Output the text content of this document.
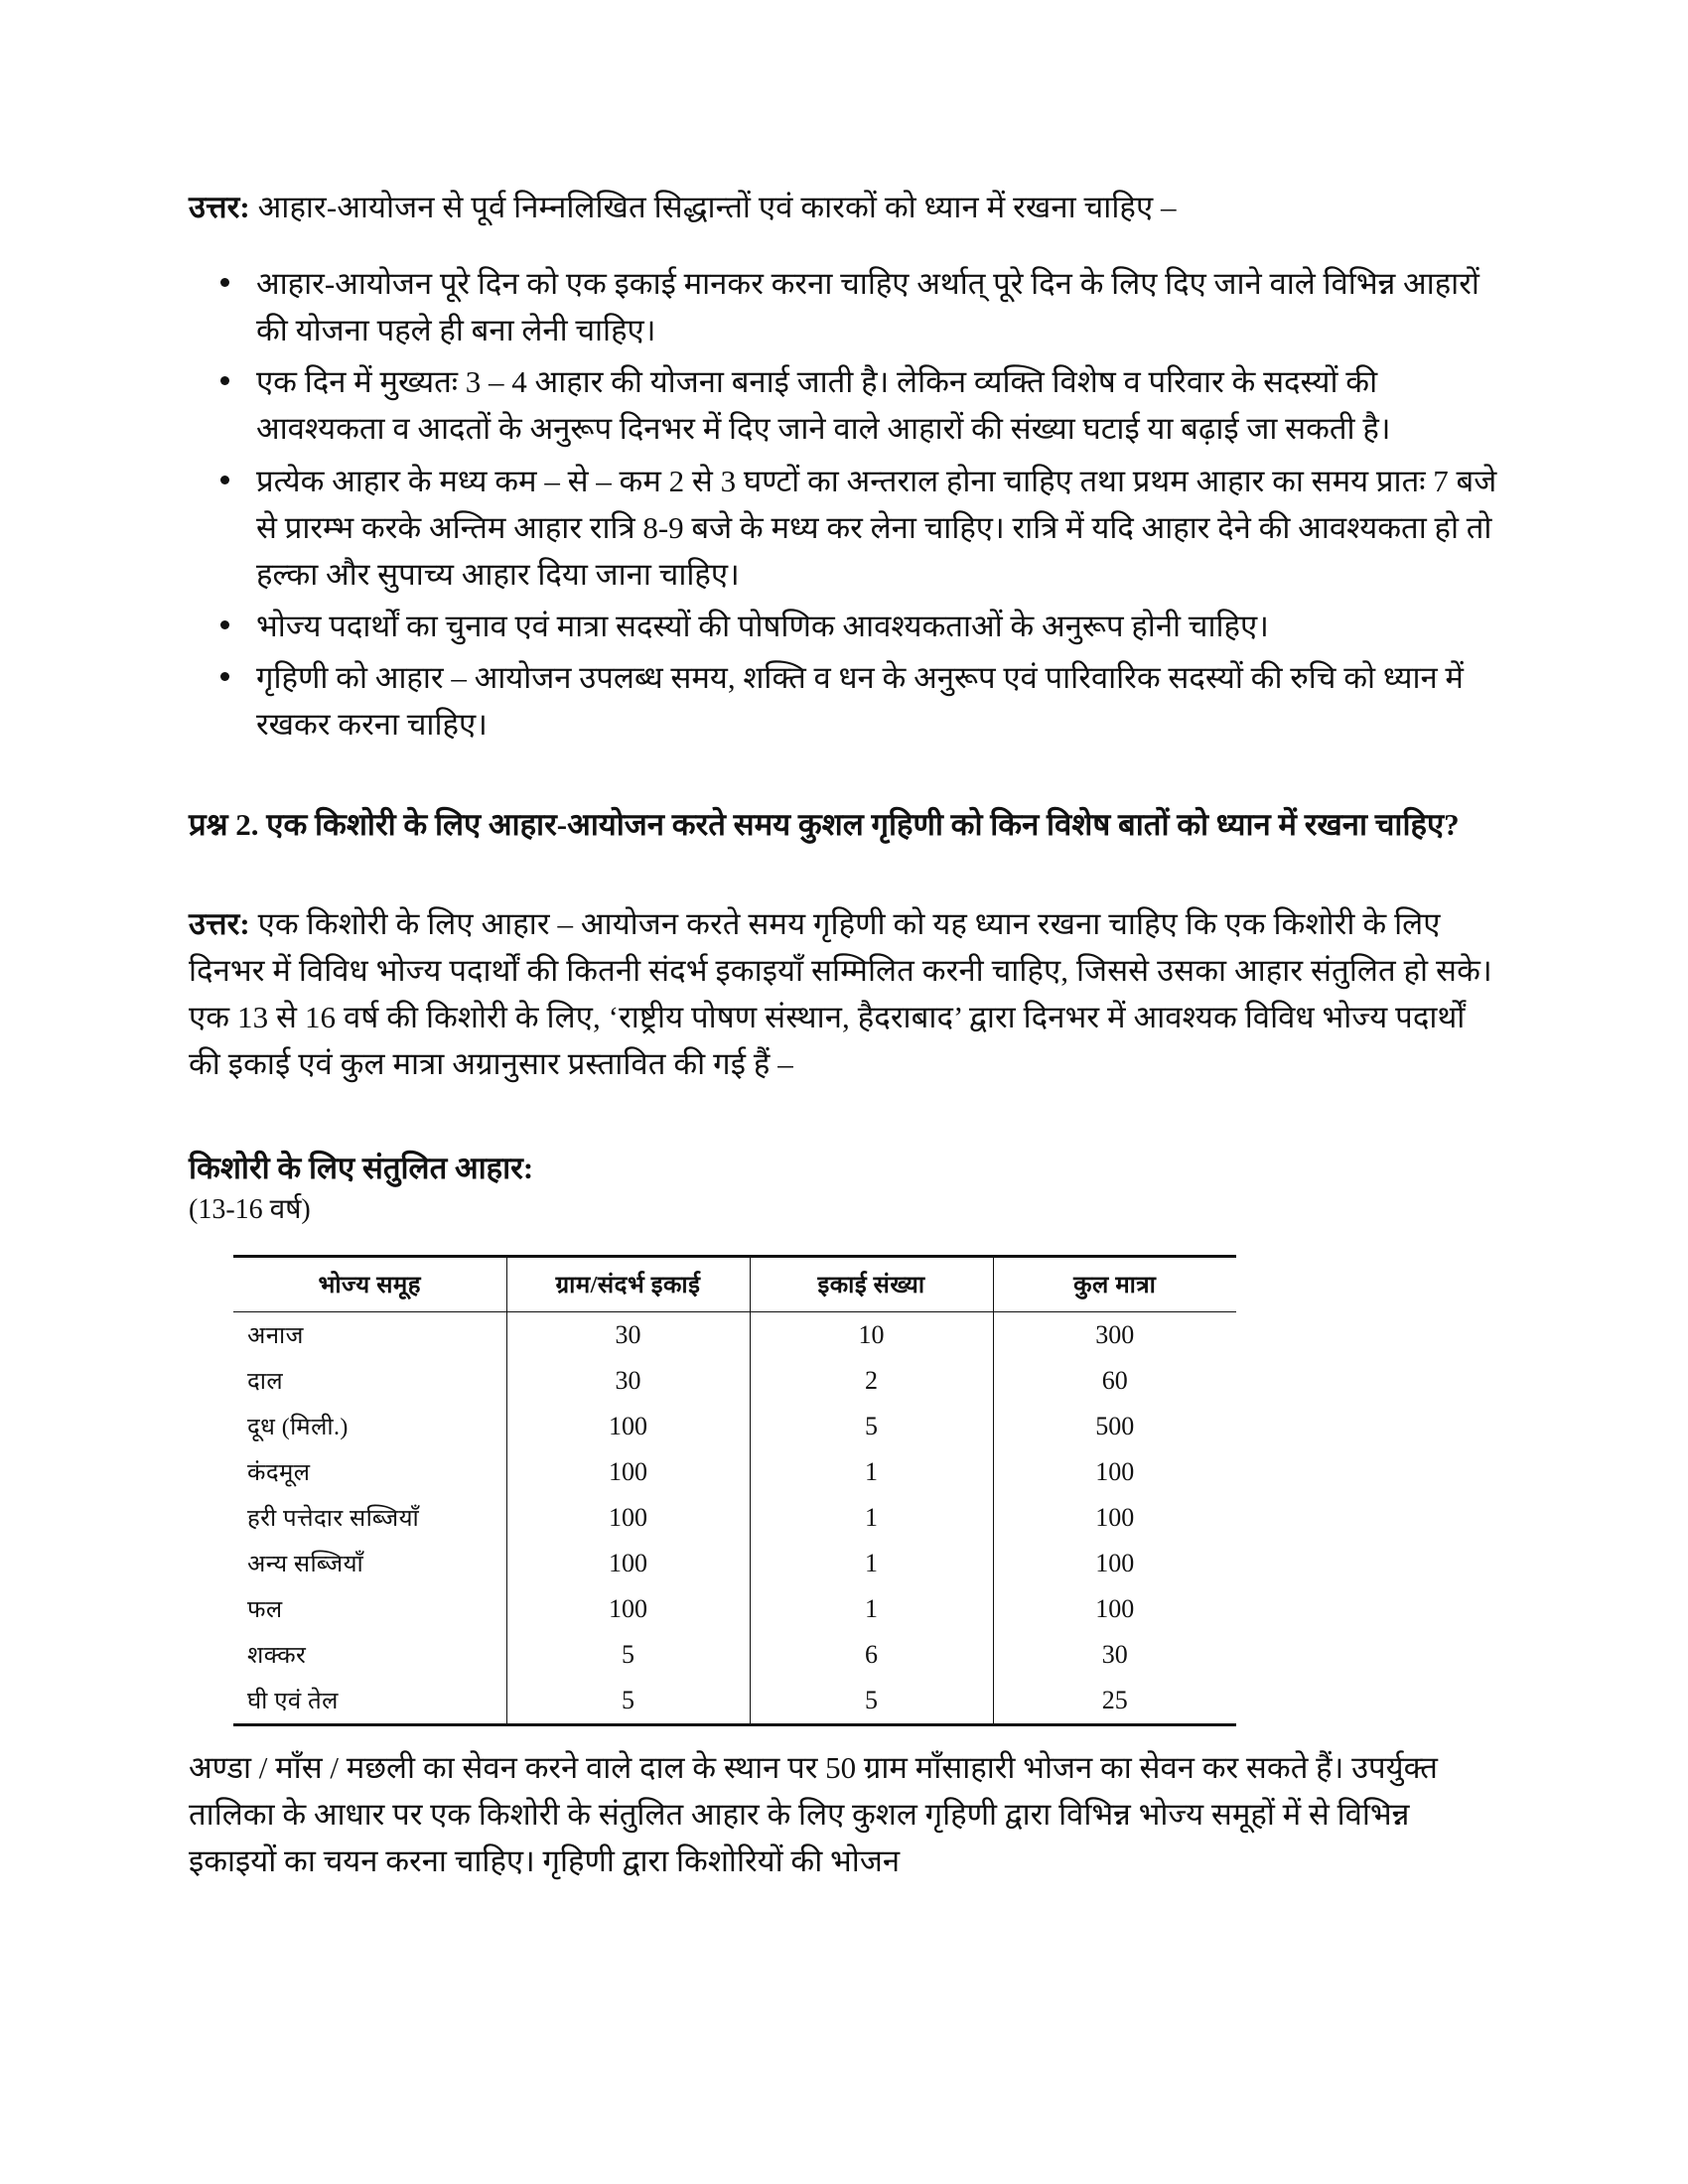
उत्तर: आहार-आयोजन से पूर्व निम्नलिखित सिद्धान्तों एवं कारकों को ध्यान में रखना चाहिए –

आहार-आयोजन पूरे दिन को एक इकाई मानकर करना चाहिए अर्थात् पूरे दिन के लिए दिए जाने वाले विभिन्न आहारों की योजना पहले ही बना लेनी चाहिए।
एक दिन में मुख्यतः 3 – 4 आहार की योजना बनाई जाती है। लेकिन व्यक्ति विशेष व परिवार के सदस्यों की आवश्यकता व आदतों के अनुरूप दिनभर में दिए जाने वाले आहारों की संख्या घटाई या बढ़ाई जा सकती है।
प्रत्येक आहार के मध्य कम – से – कम 2 से 3 घण्टों का अन्तराल होना चाहिए तथा प्रथम आहार का समय प्रातः 7 बजे से प्रारम्भ करके अन्तिम आहार रात्रि 8-9 बजे के मध्य कर लेना चाहिए। रात्रि में यदि आहार देने की आवश्यकता हो तो हल्का और सुपाच्य आहार दिया जाना चाहिए।
भोज्य पदार्थों का चुनाव एवं मात्रा सदस्यों की पोषणिक आवश्यकताओं के अनुरूप होनी चाहिए।
गृहिणी को आहार – आयोजन उपलब्ध समय, शक्ति व धन के अनुरूप एवं पारिवारिक सदस्यों की रुचि को ध्यान में रखकर करना चाहिए।

प्रश्न 2. एक किशोरी के लिए आहार-आयोजन करते समय कुशल गृहिणी को किन विशेष बातों को ध्यान में रखना चाहिए?

उत्तर: एक किशोरी के लिए आहार – आयोजन करते समय गृहिणी को यह ध्यान रखना चाहिए कि एक किशोरी के लिए दिनभर में विविध भोज्य पदार्थों की कितनी संदर्भ इकाइयाँ सम्मिलित करनी चाहिए, जिससे उसका आहार संतुलित हो सके। एक 13 से 16 वर्ष की किशोरी के लिए, ‘राष्ट्रीय पोषण संस्थान, हैदराबाद’ द्वारा दिनभर में आवश्यक विविध भोज्य पदार्थों की इकाई एवं कुल मात्रा अग्रानुसार प्रस्तावित की गई हैं –

किशोरी के लिए संतुलित आहार:

(13-16 वर्ष)

भोज्य समूह	ग्राम/संदर्भ इकाई	इकाई संख्या	कुल मात्रा
अनाज	30	10	300
दाल	30	2	60
दूध (मिली.)	100	5	500
कंदमूल	100	1	100
हरी पत्तेदार सब्जियाँ	100	1	100
अन्य सब्जियाँ	100	1	100
फल	100	1	100
शक्कर	5	6	30
घी एवं तेल	5	5	25

अण्डा / माँस / मछली का सेवन करने वाले दाल के स्थान पर 50 ग्राम माँसाहारी भोजन का सेवन कर सकते हैं। उपर्युक्त तालिका के आधार पर एक किशोरी के संतुलित आहार के लिए कुशल गृहिणी द्वारा विभिन्न भोज्य समूहों में से विभिन्न इकाइयों का चयन करना चाहिए। गृहिणी द्वारा किशोरियों की भोजन
